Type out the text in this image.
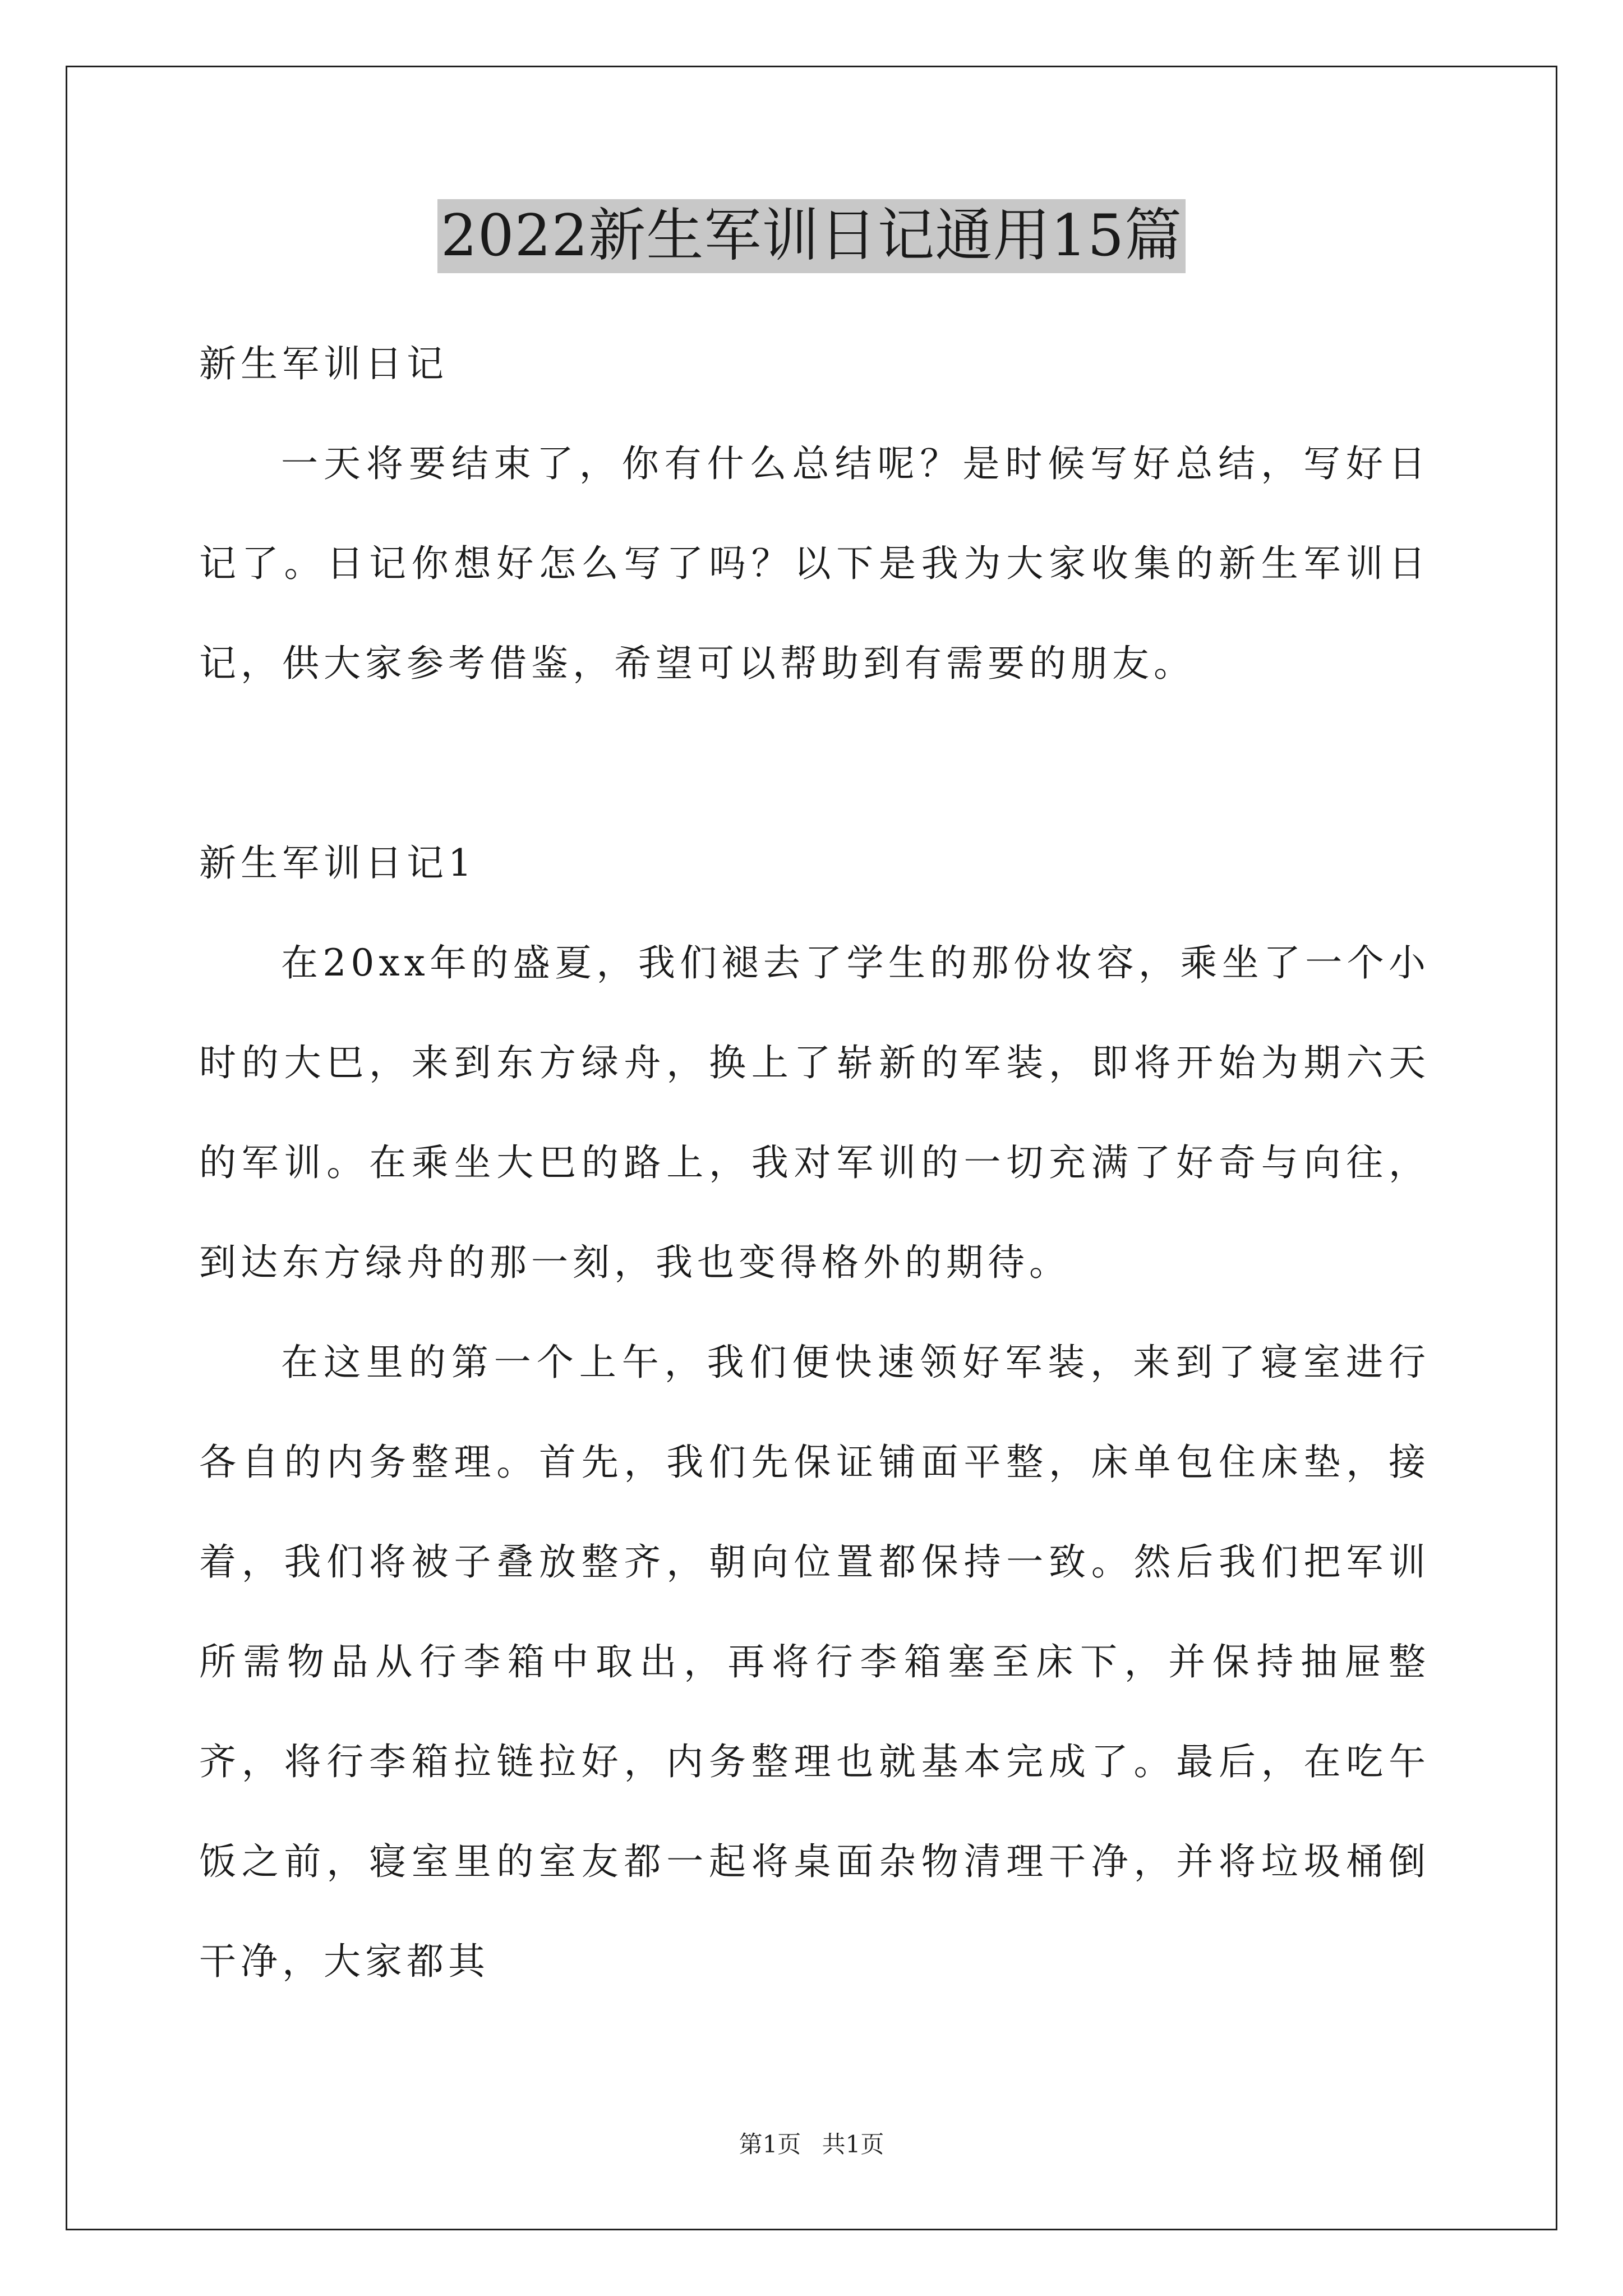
2022新生军训日记通用15篇

新生军训日记

一天将要结束了，你有什么总结呢？是时候写好总结，写好日记了。日记你想好怎么写了吗？以下是我为大家收集的新生军训日记，供大家参考借鉴，希望可以帮助到有需要的朋友。

新生军训日记1

在20xx年的盛夏，我们褪去了学生的那份妆容，乘坐了一个小时的大巴，来到东方绿舟，换上了崭新的军装，即将开始为期六天的军训。在乘坐大巴的路上，我对军训的一切充满了好奇与向往，到达东方绿舟的那一刻，我也变得格外的期待。

在这里的第一个上午，我们便快速领好军装，来到了寝室进行各自的内务整理。首先，我们先保证铺面平整，床单包住床垫，接着，我们将被子叠放整齐，朝向位置都保持一致。然后我们把军训所需物品从行李箱中取出，再将行李箱塞至床下，并保持抽屉整齐，将行李箱拉链拉好，内务整理也就基本完成了。最后，在吃午饭之前，寝室里的室友都一起将桌面杂物清理干净，并将垃圾桶倒干净，大家都其

第1页 共1页
